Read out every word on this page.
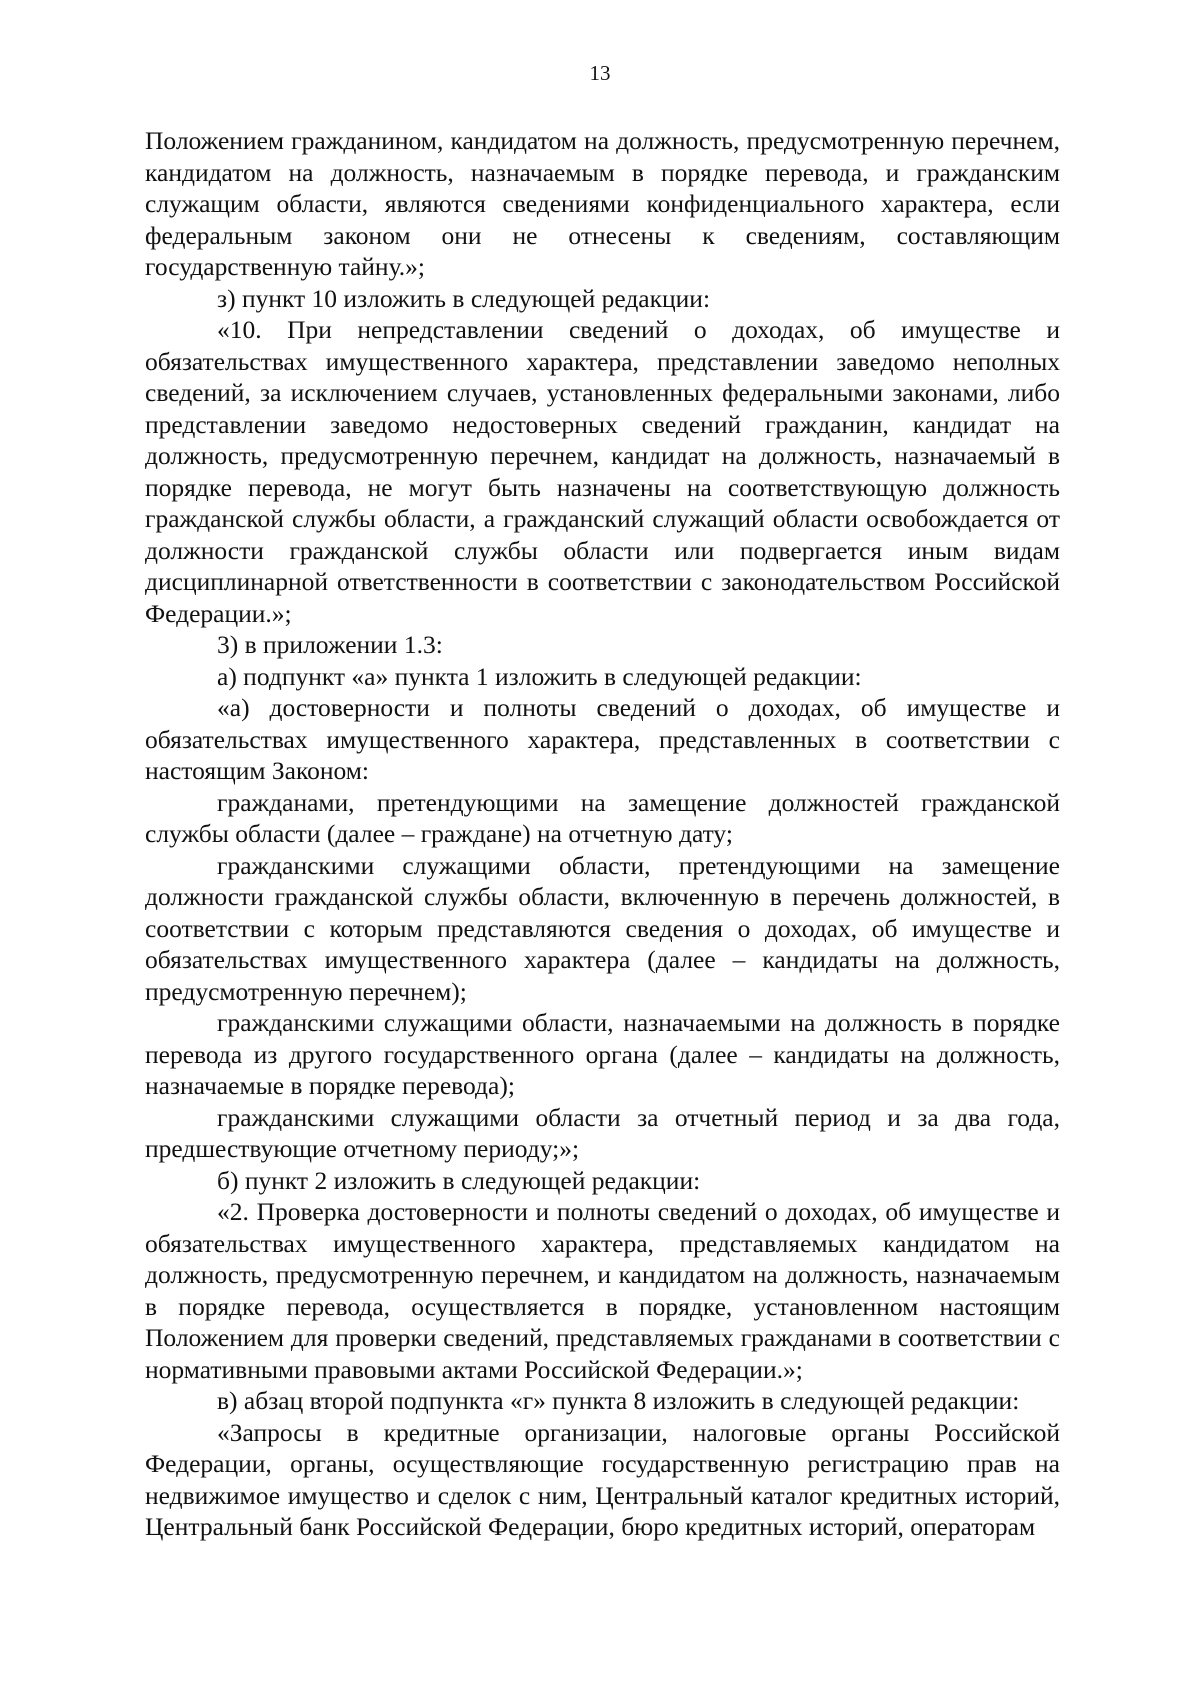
13

Положением гражданином, кандидатом на должность, предусмотренную перечнем, кандидатом на должность, назначаемым в порядке перевода, и гражданским служащим области, являются сведениями конфиденциального характера, если федеральным законом они не отнесены к сведениям, составляющим государственную тайну.»;

з) пункт 10 изложить в следующей редакции:

«10. При непредставлении сведений о доходах, об имуществе и обязательствах имущественного характера, представлении заведомо неполных сведений, за исключением случаев, установленных федеральными законами, либо представлении заведомо недостоверных сведений гражданин, кандидат на должность, предусмотренную перечнем, кандидат на должность, назначаемый в порядке перевода, не могут быть назначены на соответствующую должность гражданской службы области, а гражданский служащий области освобождается от должности гражданской службы области или подвергается иным видам дисциплинарной ответственности в соответствии с законодательством Российской Федерации.»;

3) в приложении 1.3:

а) подпункт «а» пункта 1 изложить в следующей редакции:

«а) достоверности и полноты сведений о доходах, об имуществе и обязательствах имущественного характера, представленных в соответствии с настоящим Законом:

гражданами, претендующими на замещение должностей гражданской службы области (далее – граждане) на отчетную дату;

гражданскими служащими области, претендующими на замещение должности гражданской службы области, включенную в перечень должностей, в соответствии с которым представляются сведения о доходах, об имуществе и обязательствах имущественного характера (далее – кандидаты на должность, предусмотренную перечнем);

гражданскими служащими области, назначаемыми на должность в порядке перевода из другого государственного органа (далее – кандидаты на должность, назначаемые в порядке перевода);

гражданскими служащими области за отчетный период и за два года, предшествующие отчетному периоду;»;

б) пункт 2 изложить в следующей редакции:

«2. Проверка достоверности и полноты сведений о доходах, об имуществе и обязательствах имущественного характера, представляемых кандидатом на должность, предусмотренную перечнем, и кандидатом на должность, назначаемым в порядке перевода, осуществляется в порядке, установленном настоящим Положением для проверки сведений, представляемых гражданами в соответствии с нормативными правовыми актами Российской Федерации.»;

в) абзац второй подпункта «г» пункта 8 изложить в следующей редакции:

«Запросы в кредитные организации, налоговые органы Российской Федерации, органы, осуществляющие государственную регистрацию прав на недвижимое имущество и сделок с ним, Центральный каталог кредитных историй, Центральный банк Российской Федерации, бюро кредитных историй, операторам
